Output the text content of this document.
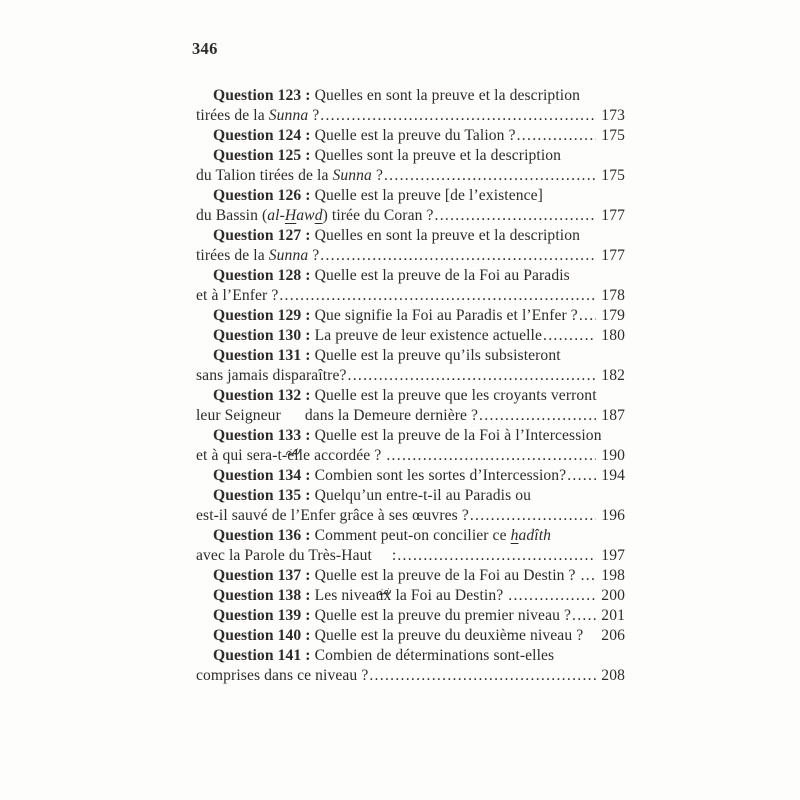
346
Question 123 : Quelles en sont la preuve et la description
tirées de la Sunna ? .....	173
Question 124 : Quelle est la preuve du Talion ? .....	175
Question 125 : Quelles sont la preuve et la description
du Talion tirées de la Sunna ? .....	175
Question 126 : Quelle est la preuve [de l’existence]
du Bassin ( al- H aw d ) tirée du Coran ? .....	177
Question 127 : Quelles en sont la preuve et la description
tirées de la Sunna ? .....	177
Question 128 : Quelle est la preuve de la Foi au Paradis
et à l’Enfer ? .....	178
Question 129 : Que signifie la Foi au Paradis et l’Enfer ? ..... 179
Question 130 : La preuve de leur existence actuelle .....	180
Question 131 : Quelle est la preuve qu’ils subsisteront
sans jamais disparaître? .....	182
Question 132 : Quelle est la preuve que les croyants verront
leur Seigneur

dans la Demeure dernière ? .....	187
Question 133 : Quelle est la preuve de la Foi à l’Intercession
et à qui sera-t-elle accordée ? .....	190
Question 134 : Combien sont les sortes d’Intercession? ..... 194
Question 135 : Quelqu’un entre-t-il au Paradis ou
est-il sauvé de l’Enfer grâce à ses œuvres ? .....	196
Question 136 : Comment peut-on concilier ce h adîth
avec la Parole du Très-Haut

: .....	197
Question 137 : Quelle est la preuve de la Foi au Destin ? ..... 198
Question 138 : Les niveaux la Foi au Destin? .....	200
Question 139 : Quelle est la preuve du premier niveau ? ..... 201
Question 140 : Quelle est la preuve du deuxième niveau ? 206
Question 141 : Combien de déterminations sont-elles
comprises dans ce niveau ? .....	208
